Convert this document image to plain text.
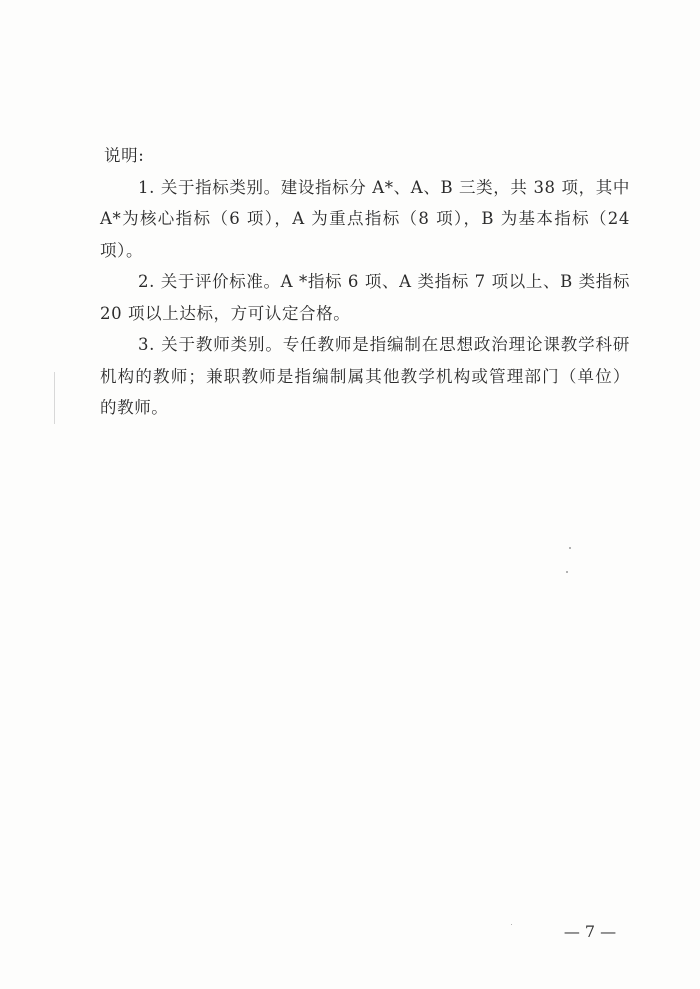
说明:

1. 关于指标类别。建设指标分 A*、A、B 三类，共 38 项，其中 A*为核心指标（6 项），A 为重点指标（8 项），B 为基本指标（24 项）。

2. 关于评价标准。A *指标 6 项、A 类指标 7 项以上、B 类指标 20 项以上达标，方可认定合格。

3. 关于教师类别。专任教师是指编制在思想政治理论课教学科研机构的教师；兼职教师是指编制属其他教学机构或管理部门（单位）的教师。

— 7 —
